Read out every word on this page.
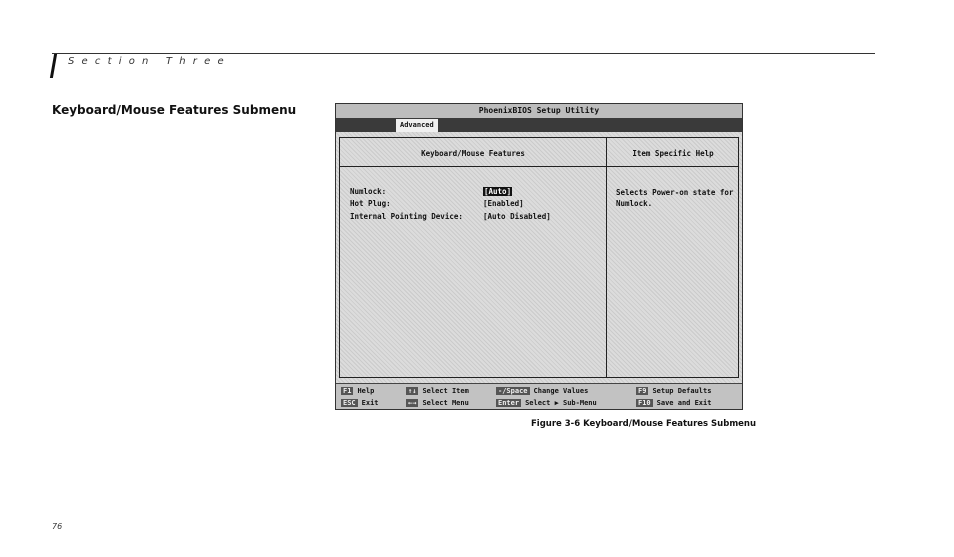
Section Three
Keyboard/Mouse Features Submenu	PhoenixBIOS Setup Utility
Advanced
Keyboard/Mouse Features	Item Specific Help
Numlock:	[Auto]
Hot Plug:	[Enabled]
Internal Pointing Device:	[Auto Disabled]
Selects Power-on state for Numlock.
F1 Help	↑↓ Select Item	-/Space Change Values	F9 Setup Defaults
ESC Exit	←→ Select Menu	Enter Select ▶ Sub-Menu	F10 Save and Exit
Figure 3-6 Keyboard/Mouse Features Submenu
76
